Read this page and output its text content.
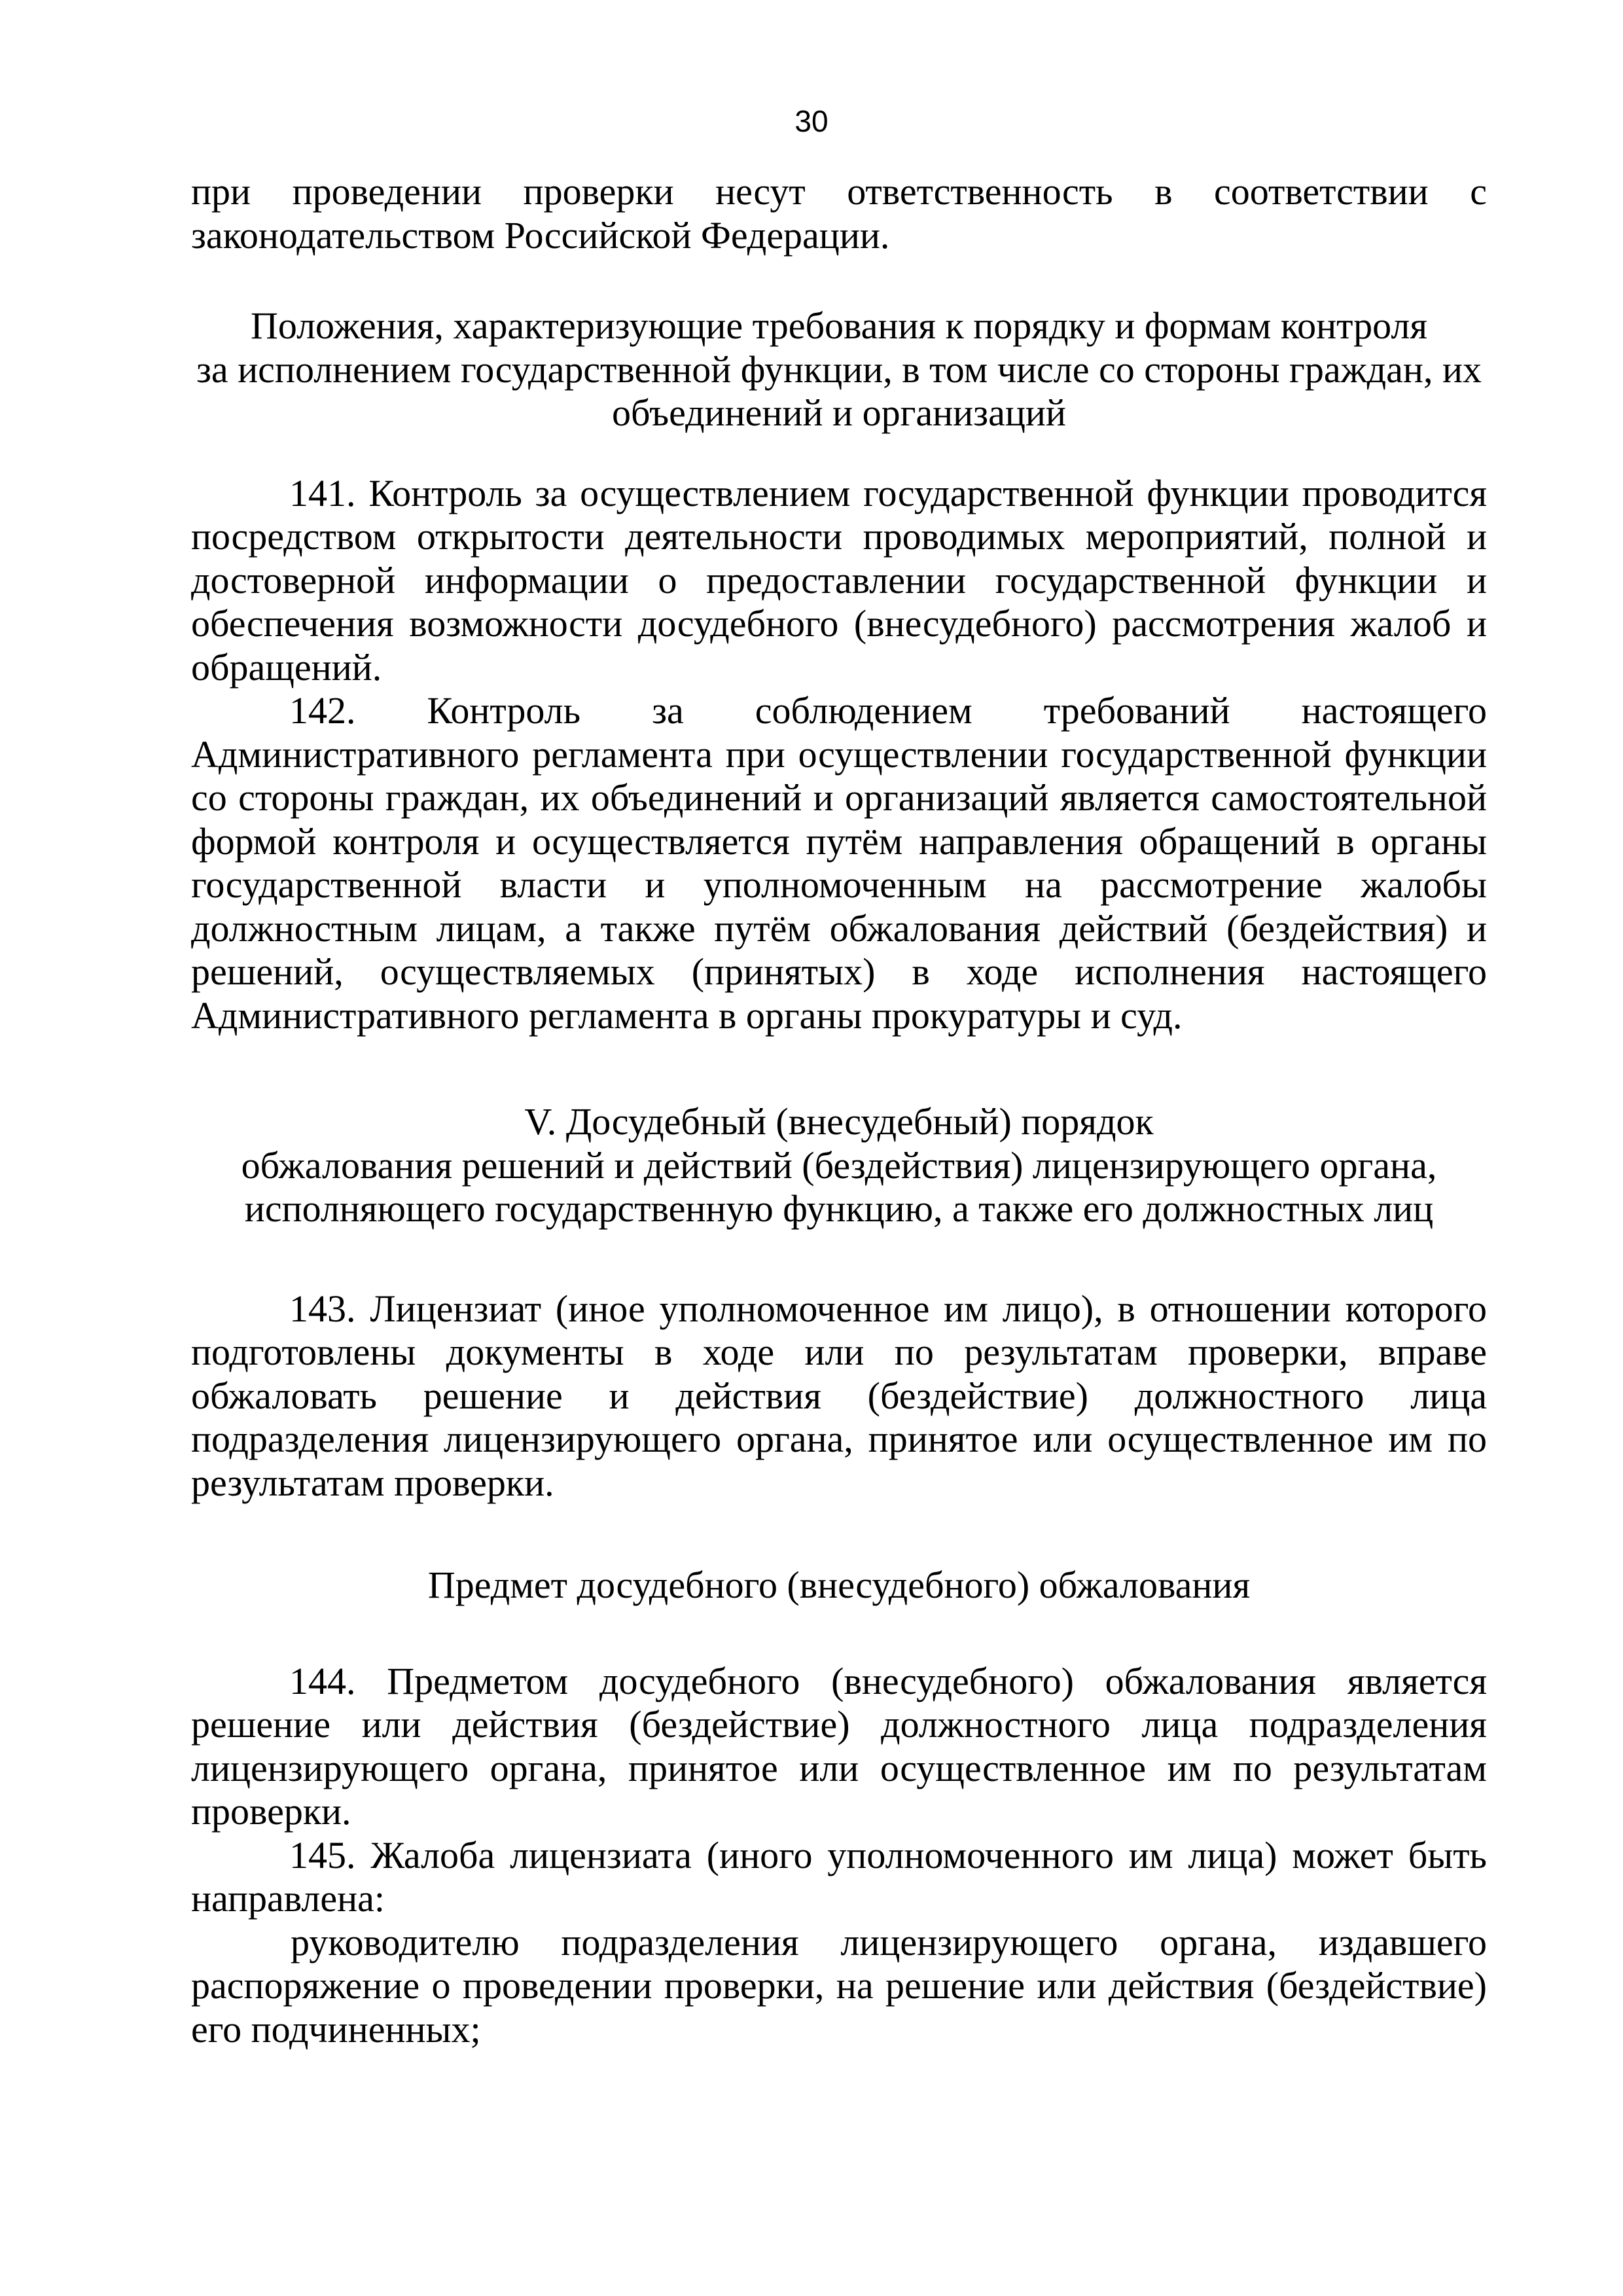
30

при проведении проверки несут ответственность в соответствии с

законодательством Российской Федерации.

Положения, характеризующие требования к порядку и формам контроля

за исполнением государственной функции, в том числе со стороны граждан, их

объединений и организаций

141. Контроль за осуществлением государственной функции проводится

посредством открытости деятельности проводимых мероприятий, полной и

достоверной информации о предоставлении государственной функции и

обеспечения возможности досудебного (внесудебного) рассмотрения жалоб и

обращений.

142. Контроль за соблюдением требований настоящего

Административного регламента при осуществлении государственной функции

со стороны граждан, их объединений и организаций является самостоятельной

формой контроля и осуществляется путём направления обращений в органы

государственной власти и уполномоченным на рассмотрение жалобы

должностным лицам, а также путём обжалования действий (бездействия) и

решений, осуществляемых (принятых) в ходе исполнения настоящего

Административного регламента в органы прокуратуры и суд.

V. Досудебный (внесудебный) порядок

обжалования решений и действий (бездействия) лицензирующего органа,

исполняющего государственную функцию, а также его должностных лиц

143. Лицензиат (иное уполномоченное им лицо), в отношении которого

подготовлены документы в ходе или по результатам проверки, вправе

обжаловать решение и действия (бездействие) должностного лица

подразделения лицензирующего органа, принятое или осуществленное им по

результатам проверки.

Предмет досудебного (внесудебного) обжалования

144. Предметом досудебного (внесудебного) обжалования является

решение или действия (бездействие) должностного лица подразделения

лицензирующего органа, принятое или осуществленное им по результатам

проверки.

145. Жалоба лицензиата (иного уполномоченного им лица) может быть

направлена:

руководителю подразделения лицензирующего органа, издавшего

распоряжение о проведении проверки, на решение или действия (бездействие)

его подчиненных;
